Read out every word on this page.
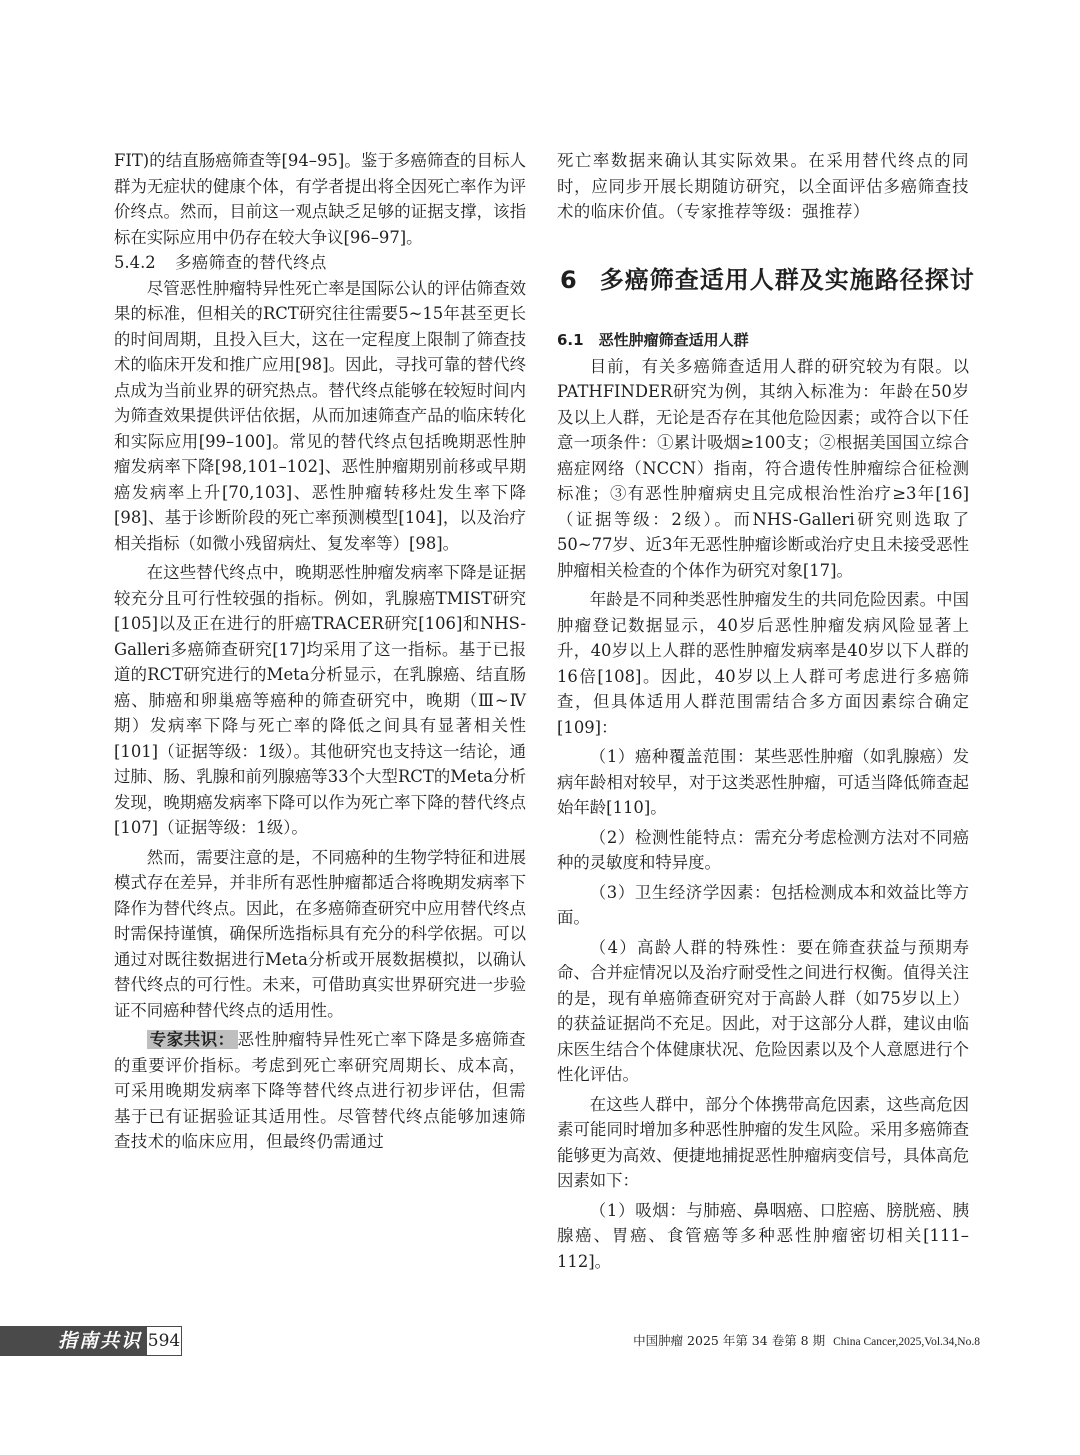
FIT)的结直肠癌筛查等[94–95]。鉴于多癌筛查的目标人群为无症状的健康个体，有学者提出将全因死亡率作为评价终点。然而，目前这一观点缺乏足够的证据支撑，该指标在实际应用中仍存在较大争议[96–97]。

5.4.2 多癌筛查的替代终点

尽管恶性肿瘤特异性死亡率是国际公认的评估筛查效果的标准，但相关的RCT研究往往需要5~15年甚至更长的时间周期，且投入巨大，这在一定程度上限制了筛查技术的临床开发和推广应用[98]。因此，寻找可靠的替代终点成为当前业界的研究热点。替代终点能够在较短时间内为筛查效果提供评估依据，从而加速筛查产品的临床转化和实际应用[99–100]。常见的替代终点包括晚期恶性肿瘤发病率下降[98,101–102]、恶性肿瘤期别前移或早期癌发病率上升[70,103]、恶性肿瘤转移灶发生率下降[98]、基于诊断阶段的死亡率预测模型[104]，以及治疗相关指标（如微小残留病灶、复发率等）[98]。

在这些替代终点中，晚期恶性肿瘤发病率下降是证据较充分且可行性较强的指标。例如，乳腺癌TMIST研究[105]以及正在进行的肝癌TRACER研究[106]和NHS-Galleri多癌筛查研究[17]均采用了这一指标。基于已报道的RCT研究进行的Meta分析显示，在乳腺癌、结直肠癌、肺癌和卵巢癌等癌种的筛查研究中，晚期（Ⅲ~Ⅳ期）发病率下降与死亡率的降低之间具有显著相关性[101]（证据等级：1级）。其他研究也支持这一结论，通过肺、肠、乳腺和前列腺癌等33个大型RCT的Meta分析发现，晚期癌发病率下降可以作为死亡率下降的替代终点[107]（证据等级：1级）。

然而，需要注意的是，不同癌种的生物学特征和进展模式存在差异，并非所有恶性肿瘤都适合将晚期发病率下降作为替代终点。因此，在多癌筛查研究中应用替代终点时需保持谨慎，确保所选指标具有充分的科学依据。可以通过对既往数据进行Meta分析或开展数据模拟，以确认替代终点的可行性。未来，可借助真实世界研究进一步验证不同癌种替代终点的适用性。

专家共识： 恶性肿瘤特异性死亡率下降是多癌筛查的重要评价指标。考虑到死亡率研究周期长、成本高，可采用晚期发病率下降等替代终点进行初步评估，但需基于已有证据验证其适用性。尽管替代终点能够加速筛查技术的临床应用，但最终仍需通过

死亡率数据来确认其实际效果。在采用替代终点的同时，应同步开展长期随访研究，以全面评估多癌筛查技术的临床价值。（专家推荐等级：强推荐）

6 多癌筛查适用人群及实施路径探讨

6.1　恶性肿瘤筛查适用人群

目前，有关多癌筛查适用人群的研究较为有限。以PATHFINDER研究为例，其纳入标准为：年龄在50岁及以上人群，无论是否存在其他危险因素；或符合以下任意一项条件：①累计吸烟≥100支；②根据美国国立综合癌症网络（NCCN）指南，符合遗传性肿瘤综合征检测标准；③有恶性肿瘤病史且完成根治性治疗≥3年[16]（证据等级：2级）。而NHS-Galleri研究则选取了50~77岁、近3年无恶性肿瘤诊断或治疗史且未接受恶性肿瘤相关检查的个体作为研究对象[17]。

年龄是不同种类恶性肿瘤发生的共同危险因素。中国肿瘤登记数据显示，40岁后恶性肿瘤发病风险显著上升，40岁以上人群的恶性肿瘤发病率是40岁以下人群的16倍[108]。因此，40岁以上人群可考虑进行多癌筛查，但具体适用人群范围需结合多方面因素综合确定[109]：

（1）癌种覆盖范围：某些恶性肿瘤（如乳腺癌）发病年龄相对较早，对于这类恶性肿瘤，可适当降低筛查起始年龄[110]。

（2）检测性能特点：需充分考虑检测方法对不同癌种的灵敏度和特异度。

（3）卫生经济学因素：包括检测成本和效益比等方面。

（4）高龄人群的特殊性：要在筛查获益与预期寿命、合并症情况以及治疗耐受性之间进行权衡。值得关注的是，现有单癌筛查研究对于高龄人群（如75岁以上）的获益证据尚不充足。因此，对于这部分人群，建议由临床医生结合个体健康状况、危险因素以及个人意愿进行个性化评估。

在这些人群中，部分个体携带高危因素，这些高危因素可能同时增加多种恶性肿瘤的发生风险。采用多癌筛查能够更为高效、便捷地捕捉恶性肿瘤病变信号，具体高危因素如下：

（1）吸烟：与肺癌、鼻咽癌、口腔癌、膀胱癌、胰腺癌、胃癌、食管癌等多种恶性肿瘤密切相关[111–112]。

指南共识 594	中国肿瘤 2025 年第 34 卷第 8 期 China Cancer,2025,Vol.34,No.8
